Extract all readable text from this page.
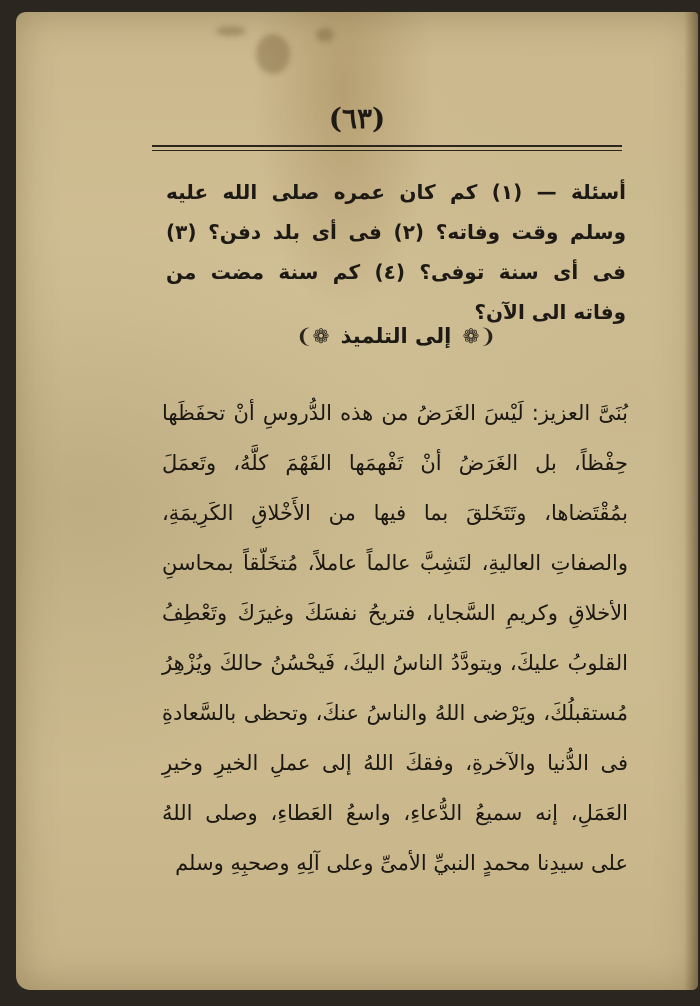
(٦٣)

أسئلة — (١) كم كان عمره صلى الله عليه وسلم وقت وفاته؟ (٢) فى أى بلد دفن؟ (٣) فى أى سنة توفى؟ (٤) كم سنة مضت من وفاته الى الآن؟

❨❁ إلى التلميذ ❁❩

بُنَىَّ العزيز: لَيْسَ الغَرَضُ من هذه الدُّروسِ أنْ تحفَظَها حِفْظاً، بل الغَرَضُ أنْ تَفْهمَها الفَهْمَ كلَّهُ، وتَعمَلَ بمُقْتَضاها، وتَتَخَلقَ بما فيها من الأَخْلاقِ الكَرِيمَةِ، والصفاتِ العاليةِ، لتَشِبَّ عالماً عاملاً، مُتخَلّقاً بمحاسنِ الأخلاقِ وكريمِ السَّجايا، فتريحُ نفسَكَ وغيرَكَ وتَعْطِفُ القلوبُ عليكَ، ويتودَّدُ الناسُ اليكَ، فَيحْسُنُ حالكَ ويُزْهِرُ مُستقبلُكَ، ويَرْضى اللهُ والناسُ عنكَ، وتحظى بالسَّعادةِ فى الدُّنيا والآخرةِ، وفقكَ اللهُ إلى عملِ الخيرِ وخيرِ العَمَلِ، إنه سميعُ الدُّعاءِ، واسعُ العَطاءِ، وصلى اللهُ على سيدِنا محمدٍ النبيِّ الأمىِّ وعلى آلِهِ وصحبِهِ وسلم
